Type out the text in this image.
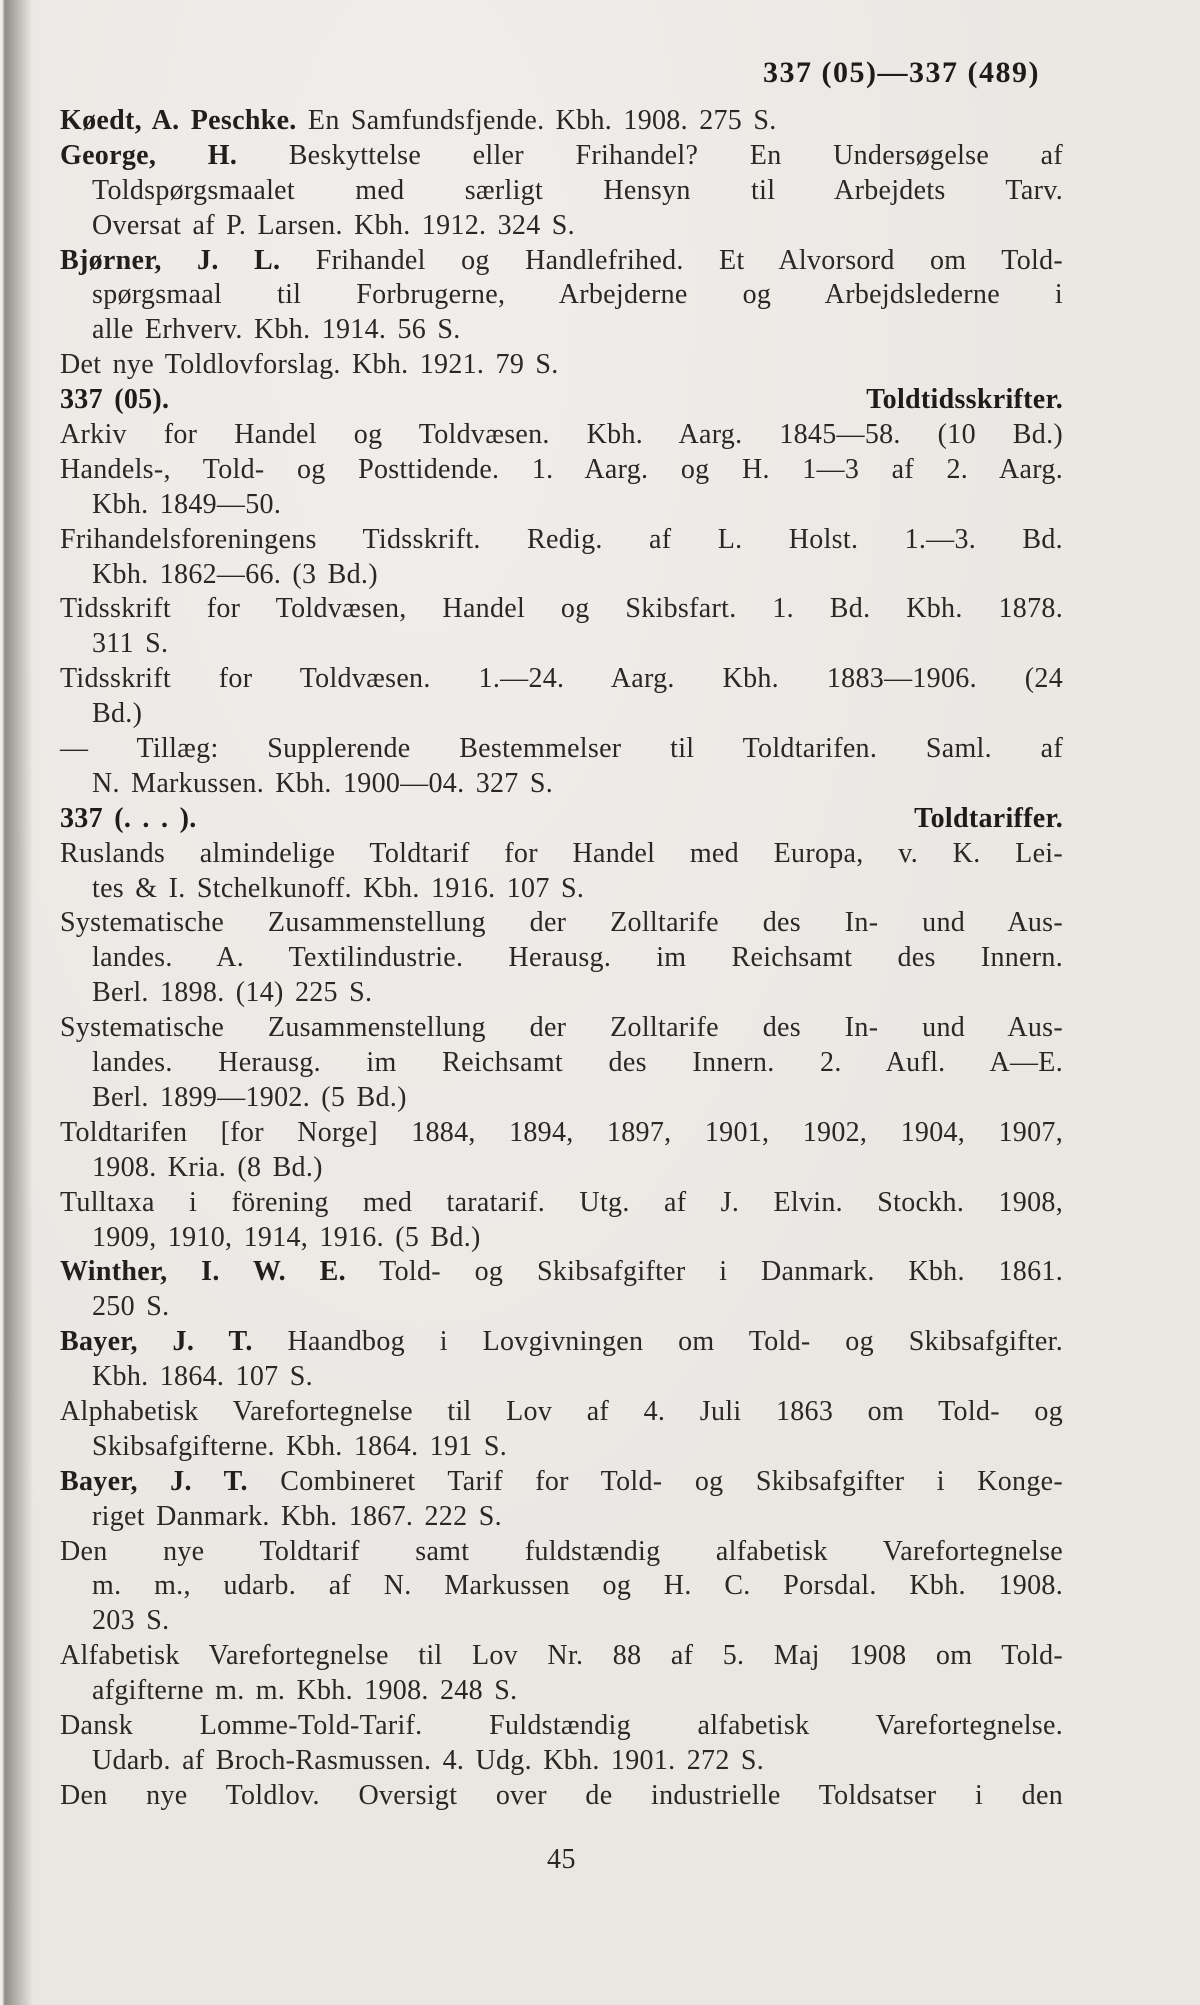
337 (05)—337 (489)
Køedt, A. Peschke. En Samfundsfjende. Kbh. 1908. 275 S.
George, H. Beskyttelse eller Frihandel? En Undersøgelse af
Toldspørgsmaalet med særligt Hensyn til Arbejdets Tarv.
Oversat af P. Larsen. Kbh. 1912. 324 S.
Bjørner, J. L. Frihandel og Handlefrihed. Et Alvorsord om Told-
spørgsmaal til Forbrugerne, Arbejderne og Arbejdslederne i
alle Erhverv. Kbh. 1914. 56 S.
Det nye Toldlovforslag. Kbh. 1921. 79 S.
337 (05).	Toldtidsskrifter.
Arkiv for Handel og Toldvæsen. Kbh. Aarg. 1845—58. (10 Bd.)
Handels-, Told- og Posttidende. 1. Aarg. og H. 1—3 af 2. Aarg.
Kbh. 1849—50.
Frihandelsforeningens Tidsskrift. Redig. af L. Holst. 1.—3. Bd.
Kbh. 1862—66. (3 Bd.)
Tidsskrift for Toldvæsen, Handel og Skibsfart. 1. Bd. Kbh. 1878.
311 S.
Tidsskrift for Toldvæsen. 1.—24. Aarg. Kbh. 1883—1906. (24
Bd.)
— Tillæg: Supplerende Bestemmelser til Toldtarifen. Saml. af
N. Markussen. Kbh. 1900—04. 327 S.
337 (. . . ).	Toldtariffer.
Ruslands almindelige Toldtarif for Handel med Europa, v. K. Lei-
tes & I. Stchelkunoff. Kbh. 1916. 107 S.
Systematische Zusammenstellung der Zolltarife des In- und Aus-
landes. A. Textilindustrie. Herausg. im Reichsamt des Innern.
Berl. 1898. (14) 225 S.
Systematische Zusammenstellung der Zolltarife des In- und Aus-
landes. Herausg. im Reichsamt des Innern. 2. Aufl. A—E.
Berl. 1899—1902. (5 Bd.)
Toldtarifen [for Norge] 1884, 1894, 1897, 1901, 1902, 1904, 1907,
1908. Kria. (8 Bd.)
Tulltaxa i förening med taratarif. Utg. af J. Elvin. Stockh. 1908,
1909, 1910, 1914, 1916. (5 Bd.)
Winther, I. W. E. Told- og Skibsafgifter i Danmark. Kbh. 1861.
250 S.
Bayer, J. T. Haandbog i Lovgivningen om Told- og Skibsafgifter.
Kbh. 1864. 107 S.
Alphabetisk Varefortegnelse til Lov af 4. Juli 1863 om Told- og
Skibsafgifterne. Kbh. 1864. 191 S.
Bayer, J. T. Combineret Tarif for Told- og Skibsafgifter i Konge-
riget Danmark. Kbh. 1867. 222 S.
Den nye Toldtarif samt fuldstændig alfabetisk Varefortegnelse
m. m., udarb. af N. Markussen og H. C. Porsdal. Kbh. 1908.
203 S.
Alfabetisk Varefortegnelse til Lov Nr. 88 af 5. Maj 1908 om Told-
afgifterne m. m. Kbh. 1908. 248 S.
Dansk Lomme-Told-Tarif. Fuldstændig alfabetisk Varefortegnelse.
Udarb. af Broch-Rasmussen. 4. Udg. Kbh. 1901. 272 S.
Den nye Toldlov. Oversigt over de industrielle Toldsatser i den
45
